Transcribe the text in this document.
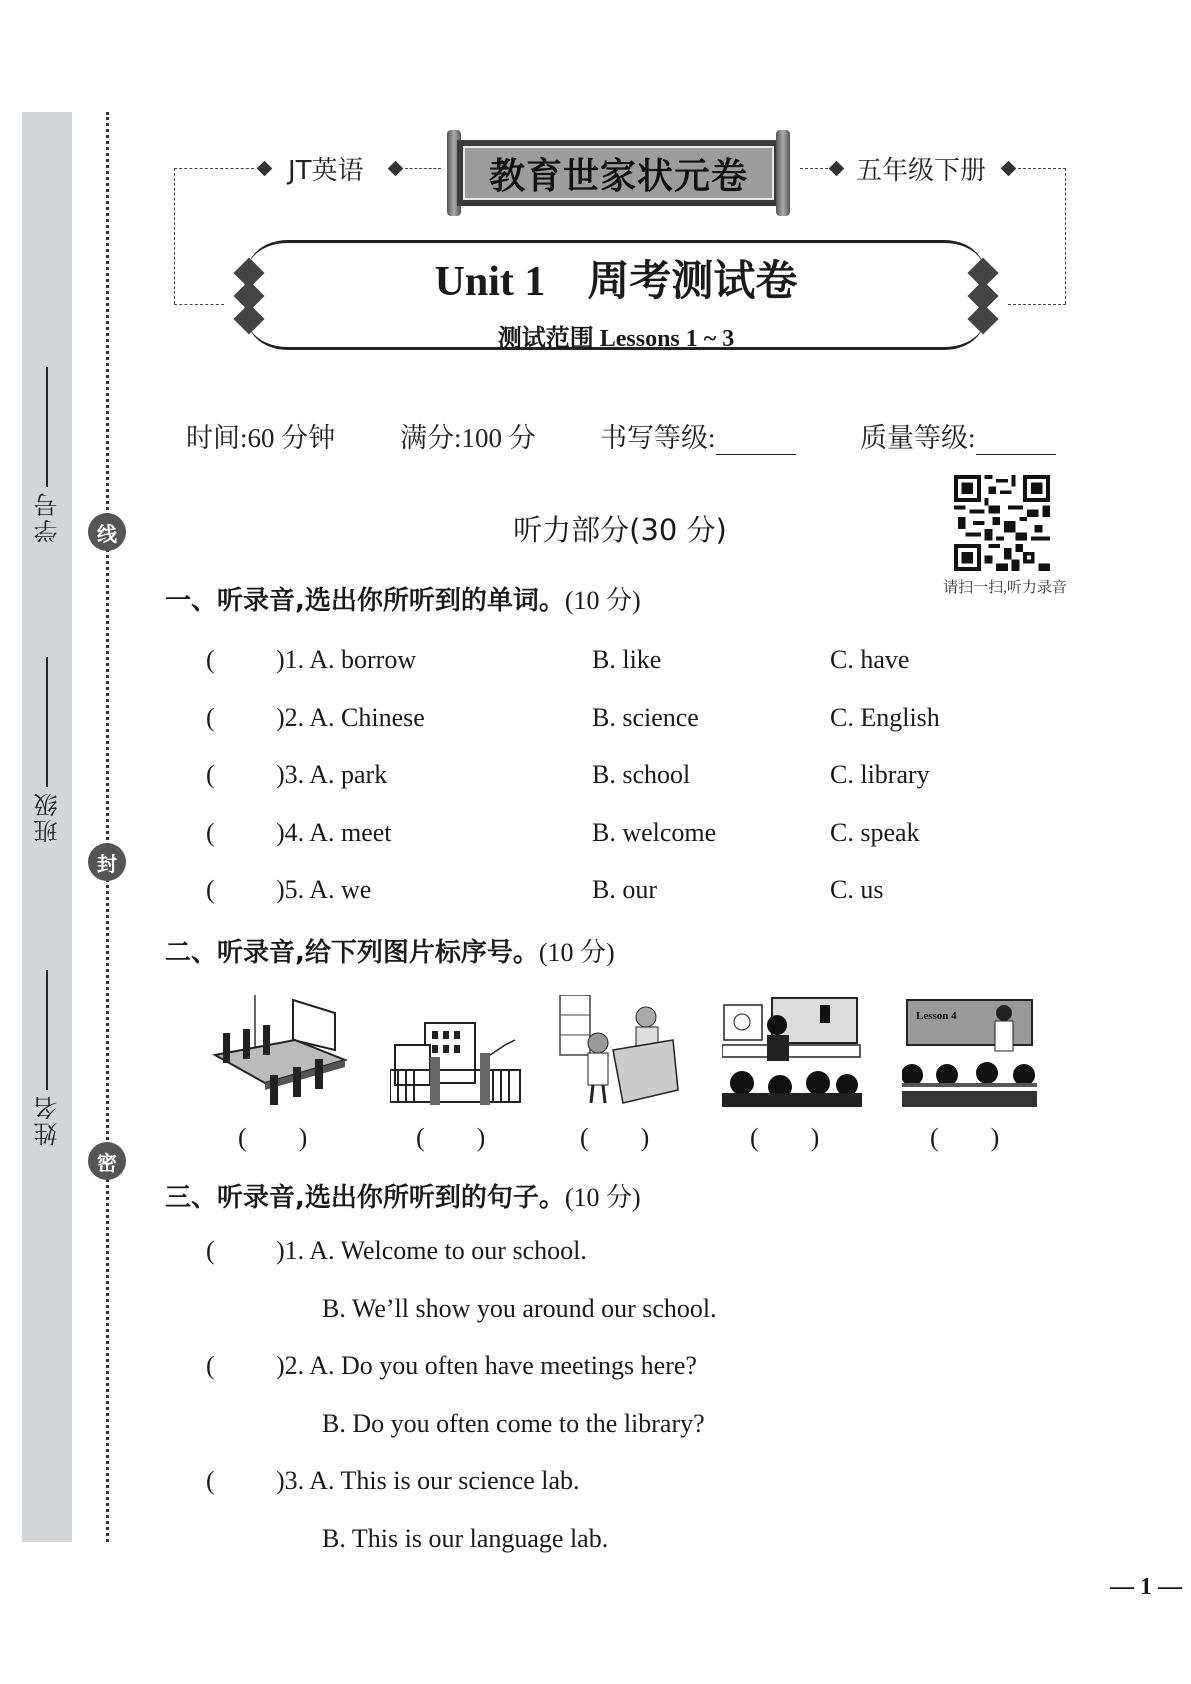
学号
班级
姓名
线
封
密
JT英语	教育世家状元卷	五年级下册
Unit 1　周考测试卷
测试范围 Lessons 1 ~ 3
时间:60 分钟 满分:100 分 书写等级:	质量等级:
请扫一扫,听力录音
听力部分(30 分)
一、听录音,选出你所听到的单词。(10 分)
( )1. A. borrow	B. like	C. have
( )2. A. Chinese	B. science	C. English
( )3. A. park	B. school	C. library
( )4. A. meet	B. welcome	C. speak
( )5. A. we	B. our	C. us
二、听录音,给下列图片标序号。(10 分)
Lesson 4
(　　)	(　　)	(　　)	(　　)	(　　)
三、听录音,选出你所听到的句子。(10 分)
( )1. A. Welcome to our school.
B. We’ll show you around our school.
( )2. A. Do you often have meetings here?
B. Do you often come to the library?
( )3. A. This is our science lab.
B. This is our language lab.
— 1 —
